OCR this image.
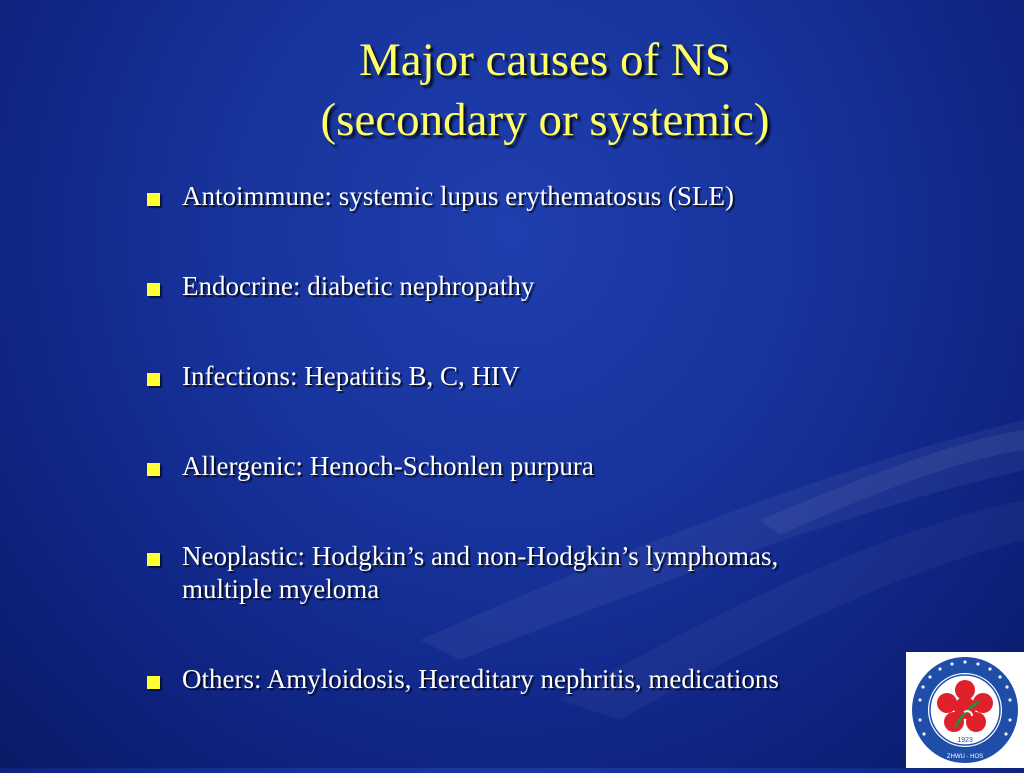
Major causes of NS
(secondary or systemic)
Antoimmune: systemic lupus erythematosus (SLE)
Endocrine: diabetic nephropathy
Infections: Hepatitis B, C, HIV
Allergenic: Henoch-Schonlen purpura
Neoplastic: Hodgkin’s and non-Hodgkin’s lymphomas, multiple myeloma
Others: Amyloidosis, Hereditary nephritis, medications
1923
ZHWU · HOS
